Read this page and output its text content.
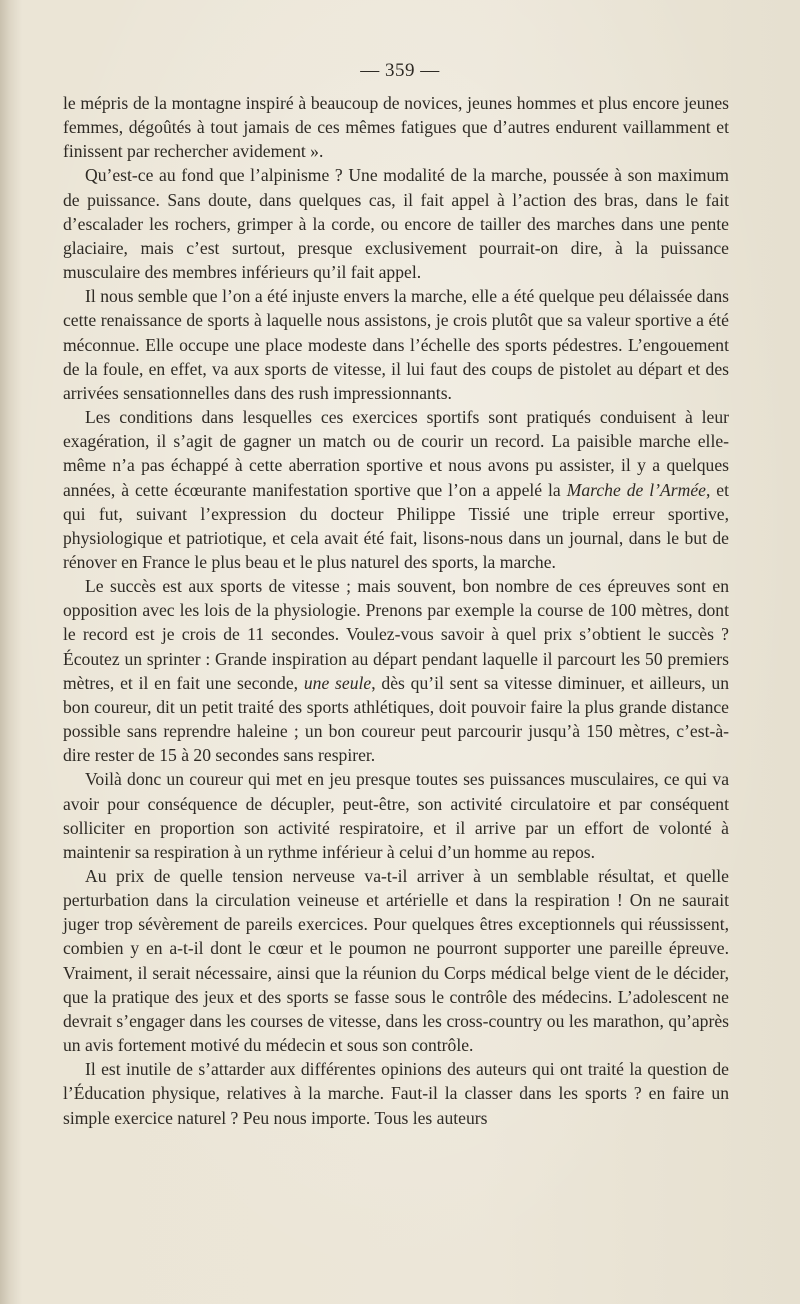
— 359 —

le mépris de la montagne inspiré à beaucoup de novices, jeunes hommes et plus encore jeunes femmes, dégoûtés à tout jamais de ces mêmes fatigues que d’autres endurent vaillamment et finissent par rechercher avidement ».

Qu’est-ce au fond que l’alpinisme ? Une modalité de la marche, poussée à son maximum de puissance. Sans doute, dans quelques cas, il fait appel à l’action des bras, dans le fait d’escalader les rochers, grimper à la corde, ou encore de tailler des marches dans une pente glaciaire, mais c’est surtout, presque exclusivement pourrait-on dire, à la puissance musculaire des membres inférieurs qu’il fait appel.

Il nous semble que l’on a été injuste envers la marche, elle a été quelque peu délaissée dans cette renaissance de sports à laquelle nous assistons, je crois plutôt que sa valeur sportive a été méconnue. Elle occupe une place modeste dans l’échelle des sports pédestres. L’engouement de la foule, en effet, va aux sports de vitesse, il lui faut des coups de pistolet au départ et des arrivées sensationnelles dans des rush impressionnants.

Les conditions dans lesquelles ces exercices sportifs sont pratiqués conduisent à leur exagération, il s’agit de gagner un match ou de courir un record. La paisible marche elle-même n’a pas échappé à cette aberration sportive et nous avons pu assister, il y a quelques années, à cette écœurante manifestation sportive que l’on a appelé la Marche de l’Armée, et qui fut, suivant l’expression du docteur Philippe Tissié une triple erreur sportive, physiologique et patriotique, et cela avait été fait, lisons-nous dans un journal, dans le but de rénover en France le plus beau et le plus naturel des sports, la marche.

Le succès est aux sports de vitesse ; mais souvent, bon nombre de ces épreuves sont en opposition avec les lois de la physiologie. Prenons par exemple la course de 100 mètres, dont le record est je crois de 11 secondes. Voulez-vous savoir à quel prix s’obtient le succès ? Écoutez un sprinter : Grande inspiration au départ pendant laquelle il parcourt les 50 premiers mètres, et il en fait une seconde, une seule, dès qu’il sent sa vitesse diminuer, et ailleurs, un bon coureur, dit un petit traité des sports athlétiques, doit pouvoir faire la plus grande distance possible sans reprendre haleine ; un bon coureur peut parcourir jusqu’à 150 mètres, c’est-à-dire rester de 15 à 20 secondes sans respirer.

Voilà donc un coureur qui met en jeu presque toutes ses puissances musculaires, ce qui va avoir pour conséquence de décupler, peut-être, son activité circulatoire et par conséquent solliciter en proportion son activité respiratoire, et il arrive par un effort de volonté à maintenir sa respiration à un rythme inférieur à celui d’un homme au repos.

Au prix de quelle tension nerveuse va-t-il arriver à un semblable résultat, et quelle perturbation dans la circulation veineuse et artérielle et dans la respiration ! On ne saurait juger trop sévèrement de pareils exercices. Pour quelques êtres exceptionnels qui réussissent, combien y en a-t-il dont le cœur et le poumon ne pourront supporter une pareille épreuve. Vraiment, il serait nécessaire, ainsi que la réunion du Corps médical belge vient de le décider, que la pratique des jeux et des sports se fasse sous le contrôle des médecins. L’adolescent ne devrait s’engager dans les courses de vitesse, dans les cross-country ou les marathon, qu’après un avis fortement motivé du médecin et sous son contrôle.

Il est inutile de s’attarder aux différentes opinions des auteurs qui ont traité la question de l’Éducation physique, relatives à la marche. Faut-il la classer dans les sports ? en faire un simple exercice naturel ? Peu nous importe. Tous les auteurs
